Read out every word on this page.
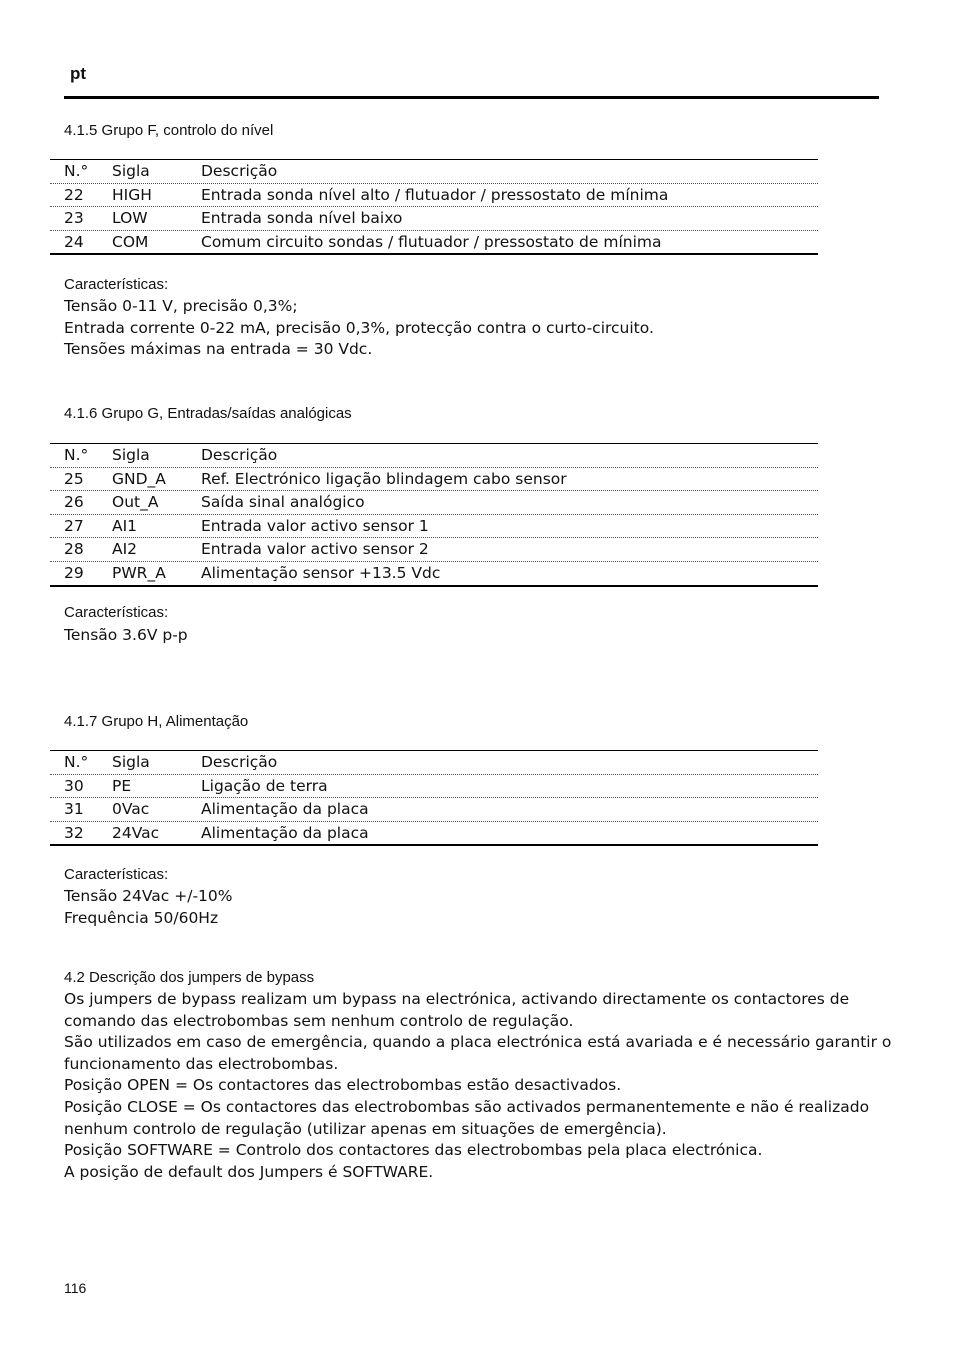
pt
4.1.5 Grupo F, controlo do nível
N.° Sigla	Descrição
22 HIGH	Entrada sonda nível alto / flutuador / pressostato de mínima
23 LOW	Entrada sonda nível baixo
24 COM	Comum circuito sondas / flutuador / pressostato de mínima
Características:
Tensão 0-11 V, precisão 0,3%;
Entrada corrente 0-22 mA, precisão 0,3%, protecção contra o curto-circuito.
Tensões máximas na entrada = 30 Vdc.
4.1.6 Grupo G, Entradas/saídas analógicas
N.° Sigla	Descrição
25 GND_A Ref. Electrónico ligação blindagem cabo sensor
26 Out_A	Saída sinal analógico
27 AI1	Entrada valor activo sensor 1
28 AI2	Entrada valor activo sensor 2
29 PWR_A Alimentação sensor +13.5 Vdc
Características:
Tensão 3.6V p-p
4.1.7 Grupo H, Alimentação
N.° Sigla	Descrição
30 PE	Ligação de terra
31 0Vac	Alimentação da placa
32 24Vac	Alimentação da placa
Características:
Tensão 24Vac +/-10%
Frequência 50/60Hz
4.2 Descrição dos jumpers de bypass
Os jumpers de bypass realizam um bypass na electrónica, activando directamente os contactores de
comando das electrobombas sem nenhum controlo de regulação.
São utilizados em caso de emergência, quando a placa electrónica está avariada e é necessário garantir o
funcionamento das electrobombas.
Posição OPEN = Os contactores das electrobombas estão desactivados.
Posição CLOSE = Os contactores das electrobombas são activados permanentemente e não é realizado
nenhum controlo de regulação (utilizar apenas em situações de emergência).
Posição SOFTWARE = Controlo dos contactores das electrobombas pela placa electrónica.
A posição de default dos Jumpers é SOFTWARE.
116
